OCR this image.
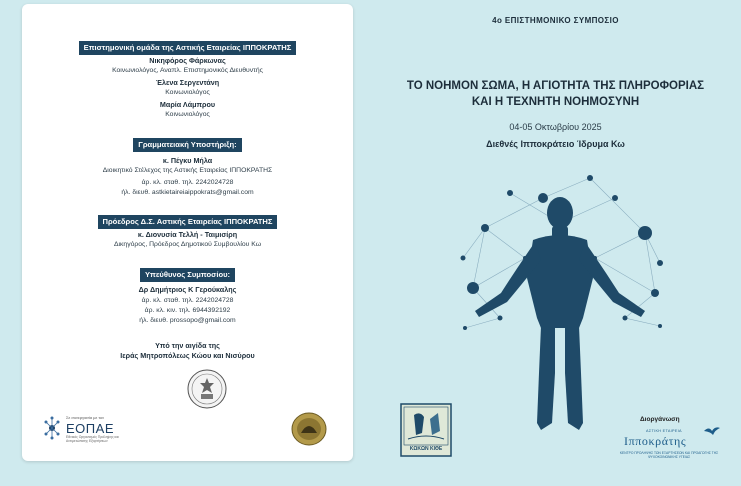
Επιστημονική ομάδα της Αστικής Εταιρείας ΙΠΠΟΚΡΑΤΗΣ
Νικηφόρος Φάρκωνας
Κοινωνιολόγος, Αναπλ. Επιστημονικός Διευθυντής
Έλενα Σεργεντάνη
Κοινωνιολόγος
Μαρία Λάμπρου
Κοινωνιολόγος
Γραμματειακή Υποστήριξη:
κ. Πέγκυ Μήλα
Διοικητικό Στέλεχος της Αστικής Εταιρείας ΙΠΠΟΚΡΑΤΗΣ
άρ. κλ. σταθ. τηλ. 2242024728
ήλ. διευθ. astkietaireiaippokrats@gmail.com
Πρόεδρος Δ.Σ. Αστικής Εταιρείας ΙΠΠΟΚΡΑΤΗΣ
κ. Διονυσία Τελλή - Ταιμισίρη
Δικηγόρος, Πρόεδρος Δημοτικού Συμβουλίου Κω
Υπεύθυνος Συμποσίου:
Δρ Δημήτριος Κ Γερούκαλης
άρ. κλ. σταθ. τηλ. 2242024728
άρ. κλ. κιν. τηλ. 6944392192
ήλ. διευθ. prossopo@gmail.com
Υπό την αιγίδα της
Ιεράς Μητροπόλεως Κώου και Νισύρου
Σε συνεργασία με τον
ΕΟΠΑΕ
Εθνικός Οργανισμός Πρόληψης και Αντιμετώπισης Εξαρτήσεων
4ο ΕΠΙΣΤΗΜΟΝΙΚΟ ΣΥΜΠΟΣΙΟ
ΤΟ ΝΟΗΜΟΝ ΣΩΜΑ, Η ΑΓΙΟΤΗΤΑ ΤΗΣ ΠΛΗΡΟΦΟΡΙΑΣ
ΚΑΙ Η ΤΕΧΝΗΤΗ ΝΟΗΜΟΣΥΝΗ
04-05 Οκτωβρίου 2025
Διεθνές Ιπποκράτειο Ίδρυμα Κω
ΚΩΚΩΝ ΚΙΘΕ
Διοργάνωση
ΑΣΤΙΚΗ ΕΤΑΙΡΕΙΑ
Ιπποκράτης
ΚΕΝΤΡΟ ΠΡΟΛΗΨΗΣ ΤΩΝ ΕΞΑΡΤΗΣΕΩΝ ΚΑΙ ΠΡΟΑΓΩΓΗΣ ΤΗΣ ΨΥΧΟΚΟΙΝΩΝΙΚΗΣ ΥΓΕΙΑΣ
